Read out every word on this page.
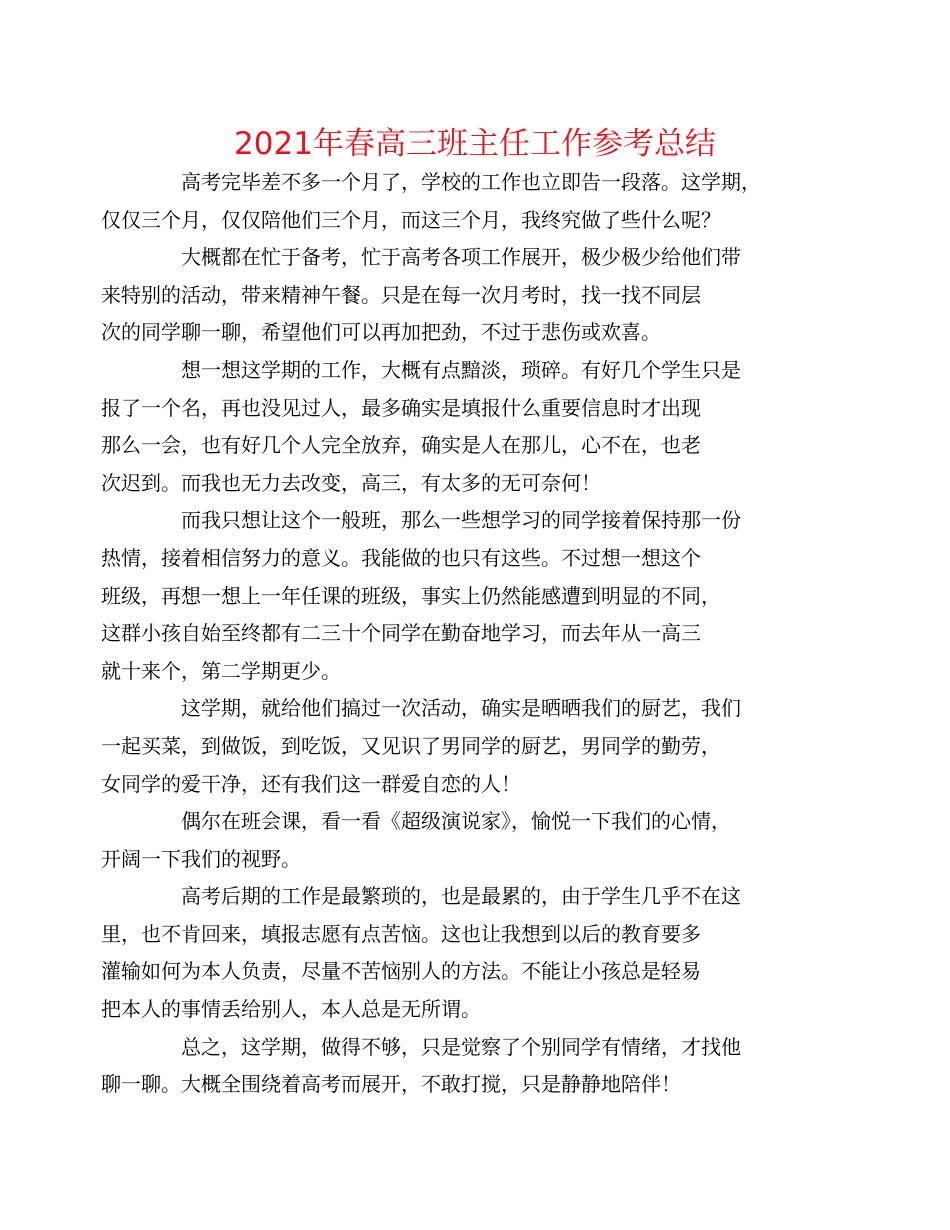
2021年春高三班主任工作参考总结
高考完毕差不多一个月了，学校的工作也立即告一段落。这学期，
仅仅三个月，仅仅陪他们三个月，而这三个月，我终究做了些什么呢？
大概都在忙于备考，忙于高考各项工作展开，极少极少给他们带
来特别的活动，带来精神午餐。只是在每一次月考时，找一找不同层
次的同学聊一聊，希望他们可以再加把劲，不过于悲伤或欢喜。
想一想这学期的工作，大概有点黯淡，琐碎。有好几个学生只是
报了一个名，再也没见过人，最多确实是填报什么重要信息时才出现
那么一会，也有好几个人完全放弃，确实是人在那儿，心不在，也老
次迟到。而我也无力去改变，高三，有太多的无可奈何！
而我只想让这个一般班，那么一些想学习的同学接着保持那一份
热情，接着相信努力的意义。我能做的也只有这些。不过想一想这个
班级，再想一想上一年任课的班级，事实上仍然能感遭到明显的不同，
这群小孩自始至终都有二三十个同学在勤奋地学习，而去年从一高三
就十来个，第二学期更少。
这学期，就给他们搞过一次活动，确实是晒晒我们的厨艺，我们
一起买菜，到做饭，到吃饭，又见识了男同学的厨艺，男同学的勤劳，
女同学的爱干净，还有我们这一群爱自恋的人！
偶尔在班会课，看一看《超级演说家》，愉悦一下我们的心情，
开阔一下我们的视野。
高考后期的工作是最繁琐的，也是最累的，由于学生几乎不在这
里，也不肯回来，填报志愿有点苦恼。这也让我想到以后的教育要多
灌输如何为本人负责，尽量不苦恼别人的方法。不能让小孩总是轻易
把本人的事情丢给别人，本人总是无所谓。
总之，这学期，做得不够，只是觉察了个别同学有情绪，才找他
聊一聊。大概全围绕着高考而展开，不敢打搅，只是静静地陪伴！
